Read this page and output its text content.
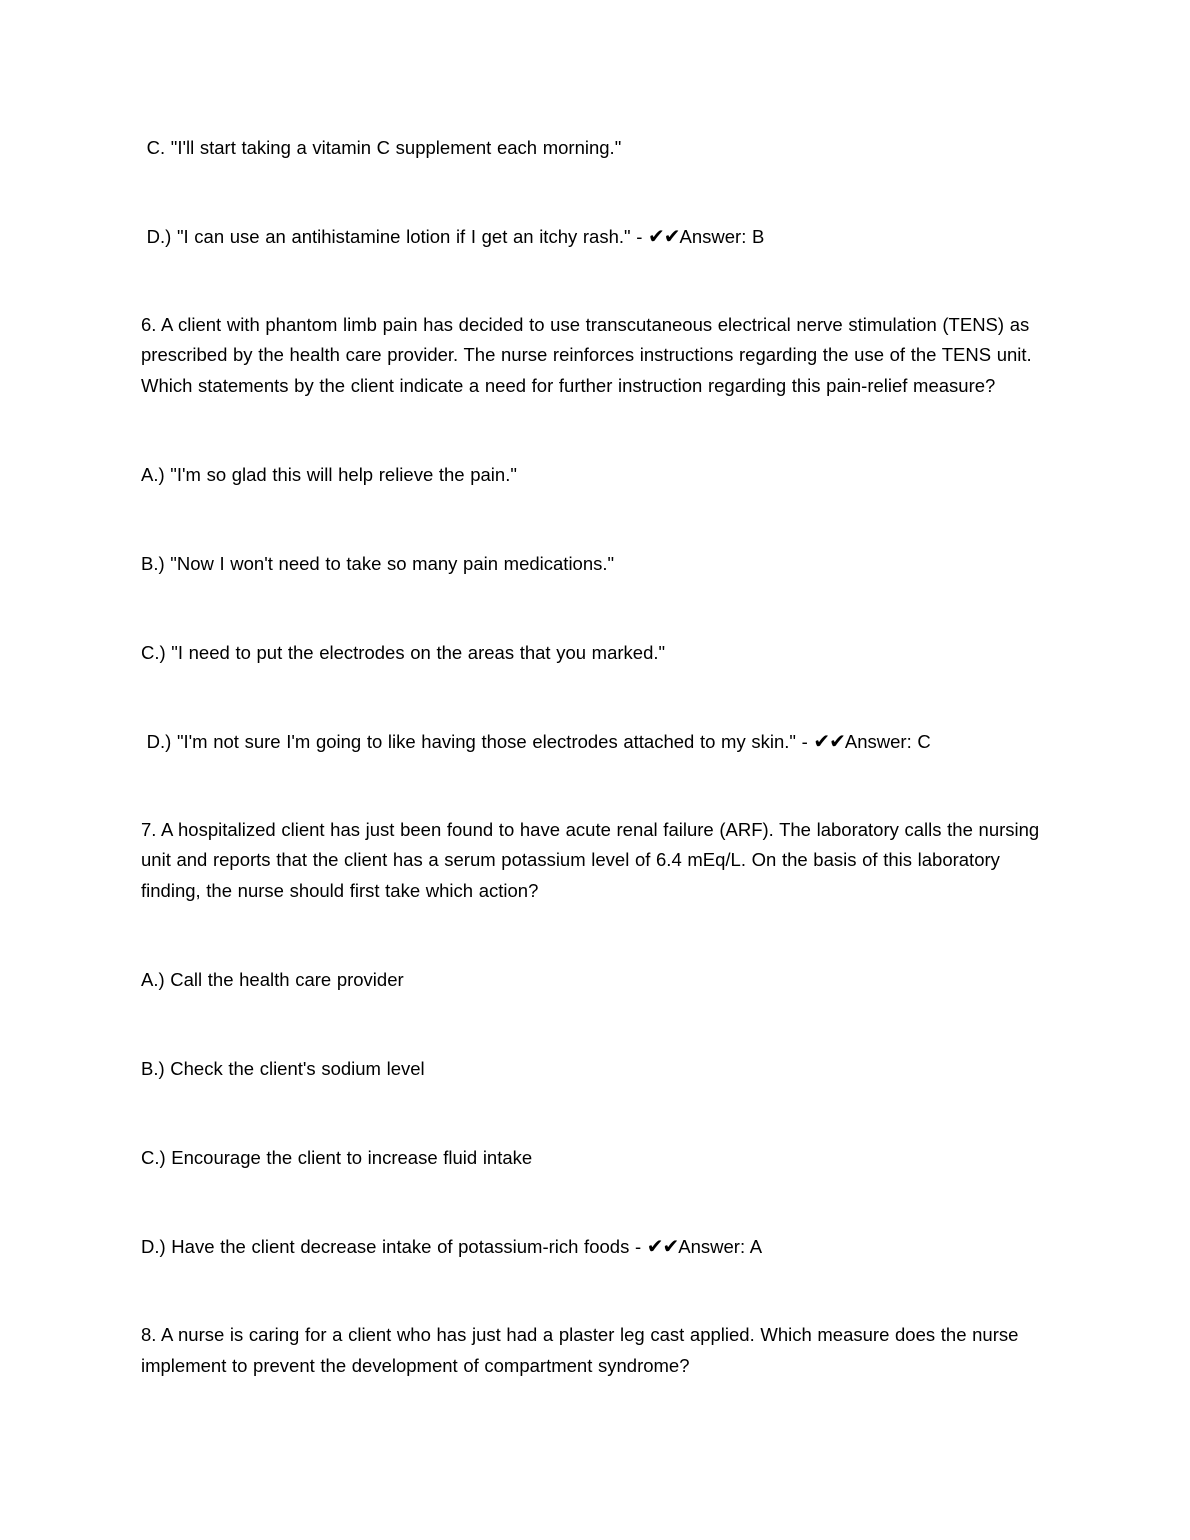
C. "I'll start taking a vitamin C supplement each morning."

D.) "I can use an antihistamine lotion if I get an itchy rash." - ✔✔Answer: B

6. A client with phantom limb pain has decided to use transcutaneous electrical nerve stimulation (TENS) as prescribed by the health care provider. The nurse reinforces instructions regarding the use of the TENS unit. Which statements by the client indicate a need for further instruction regarding this pain-relief measure?

A.) "I'm so glad this will help relieve the pain."

B.) "Now I won't need to take so many pain medications."

C.) "I need to put the electrodes on the areas that you marked."

D.) "I'm not sure I'm going to like having those electrodes attached to my skin." - ✔✔Answer: C

7. A hospitalized client has just been found to have acute renal failure (ARF). The laboratory calls the nursing unit and reports that the client has a serum potassium level of 6.4 mEq/L. On the basis of this laboratory finding, the nurse should first take which action?

A.) Call the health care provider

B.) Check the client's sodium level

C.) Encourage the client to increase fluid intake

D.) Have the client decrease intake of potassium-rich foods - ✔✔Answer: A

8. A nurse is caring for a client who has just had a plaster leg cast applied. Which measure does the nurse implement to prevent the development of compartment syndrome?
